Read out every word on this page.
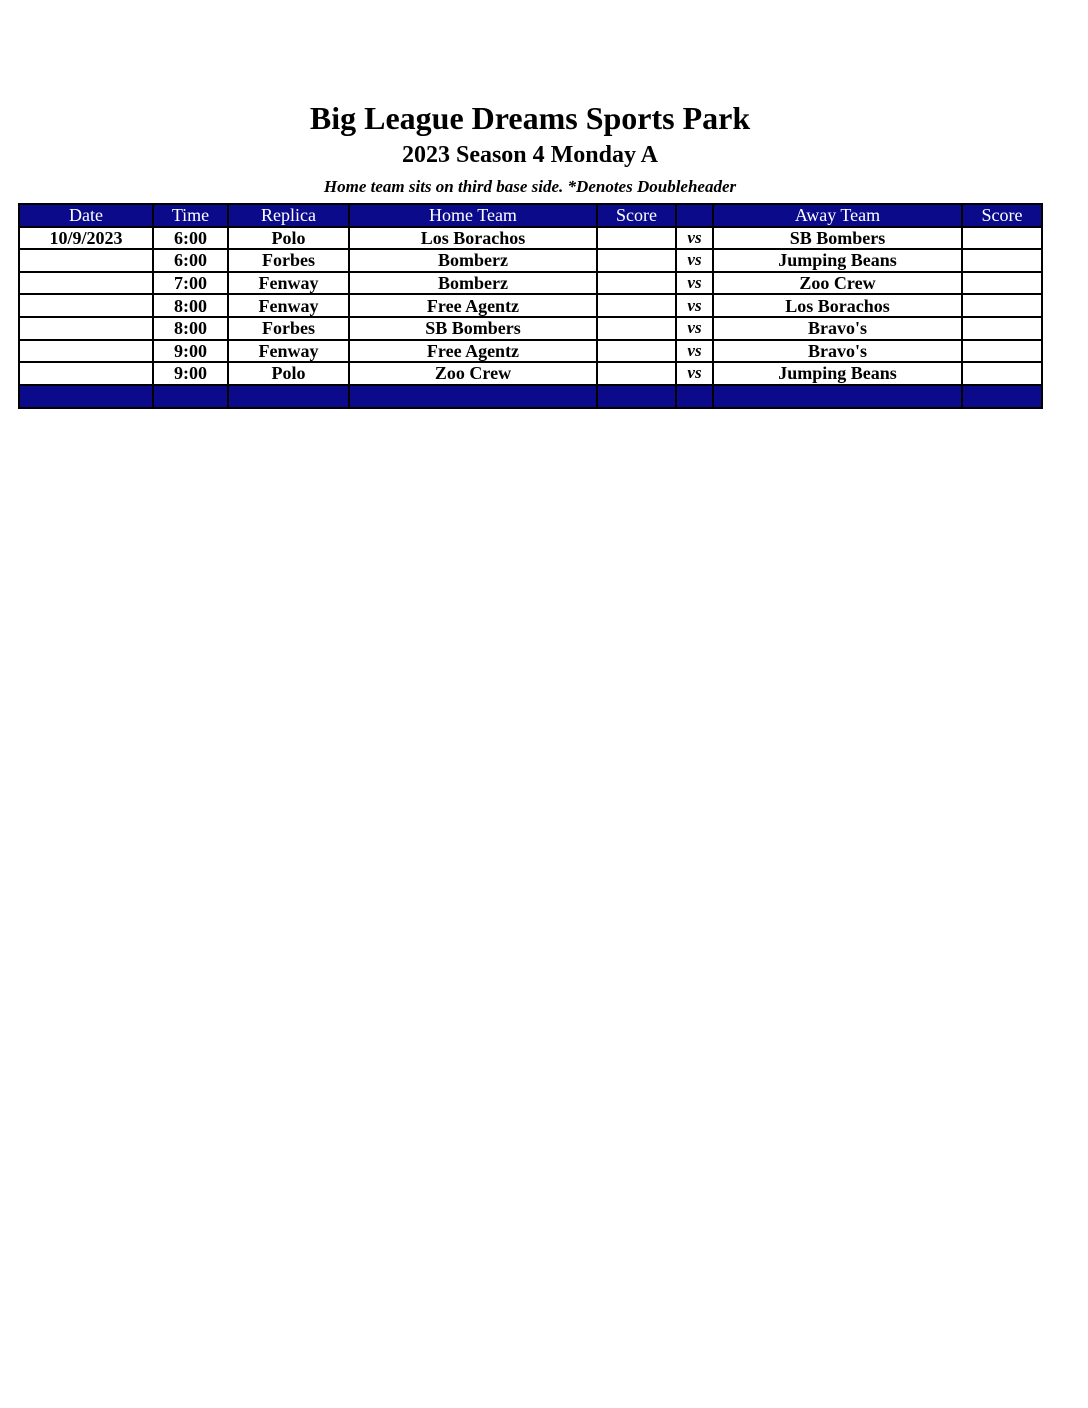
Big League Dreams Sports Park
2023 Season 4 Monday A
Home team sits on third base side. *Denotes Doubleheader
Date	Time	Replica	Home Team	Score		Away Team	Score
10/9/2023	6:00	Polo	Los Borachos		vs	SB Bombers	
	6:00	Forbes	Bomberz		vs	Jumping Beans	
	7:00	Fenway	Bomberz		vs	Zoo Crew	
	8:00	Fenway	Free Agentz		vs	Los Borachos	
	8:00	Forbes	SB Bombers		vs	Bravo's	
	9:00	Fenway	Free Agentz		vs	Bravo's	
	9:00	Polo	Zoo Crew		vs	Jumping Beans	
